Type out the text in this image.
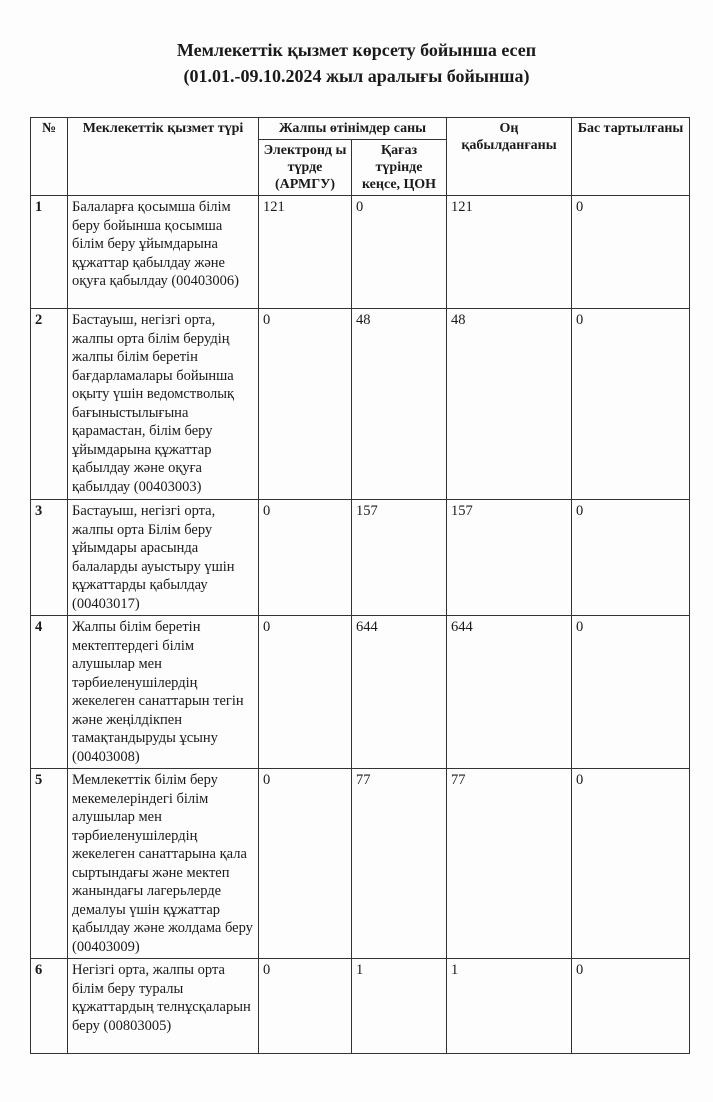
Мемлекеттік қызмет көрсету бойынша есеп
(01.01.-09.10.2024 жыл аралығы бойынша)
№	Меклекеттік қызмет түрі	Жалпы өтінімдер саны		Оң қабылданғаны	Бас тартылғаны
		Электронд ы түрде (АРМГУ)	Қағаз түрінде кеңсе, ЦОН		
1	Балаларға қосымша білім беру бойынша қосымша білім беру ұйымдарына құжаттар қабылдау және оқуға қабылдау (00403006)	121	0	121	0
2	Бастауыш, негізгі орта, жалпы орта білім берудің жалпы білім беретін бағдарламалары бойынша оқыту үшін ведомстволық бағыныстылығына қарамастан, білім беру ұйымдарына құжаттар қабылдау және оқуға қабылдау (00403003)	0	48	48	0
3	Бастауыш, негізгі орта, жалпы орта Білім беру ұйымдары арасында балаларды ауыстыру үшін құжаттарды қабылдау (00403017)	0	157	157	0
4	Жалпы білім беретін мектептердегі білім алушылар мен тәрбиеленушілердің жекелеген санаттарын тегін және жеңілдікпен тамақтандыруды ұсыну (00403008)	0	644	644	0
5	Мемлекеттік білім беру мекемелеріндегі білім алушылар мен тәрбиеленушілердің жекелеген санаттарына қала сыртындағы және мектеп жанындағы лагерьлерде демалуы үшін құжаттар қабылдау және жолдама беру (00403009)	0	77	77	0
6	Негізгі орта, жалпы орта білім беру туралы құжаттардың телнұсқаларын беру (00803005)	0	1	1	0
